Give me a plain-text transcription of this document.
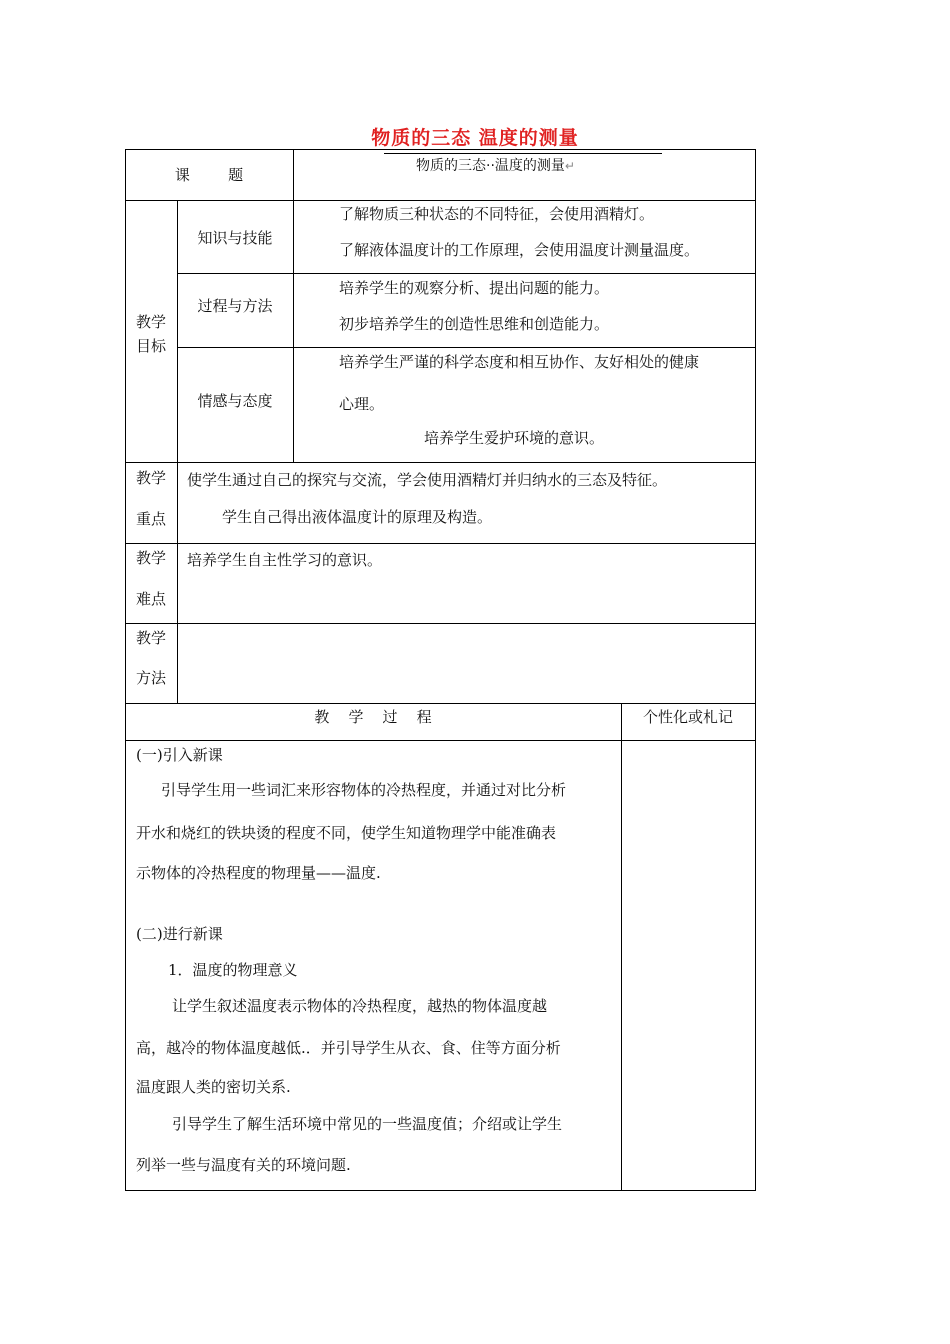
物质的三态 温度的测量
课        题	物质的三态··温度的测量↵
教学
目标
知识与技能
了解物质三种状态的不同特征，会使用酒精灯。
了解液体温度计的工作原理，会使用温度计测量温度。
过程与方法
培养学生的观察分析、提出问题的能力。
初步培养学生的创造性思维和创造能力。
情感与态度
培养学生严谨的科学态度和相互协作、友好相处的健康
心理。
培养学生爱护环境的意识。
教学
重点
使学生通过自己的探究与交流，学会使用酒精灯并归纳水的三态及特征。
学生自己得出液体温度计的原理及构造。
教学
难点
培养学生自主性学习的意识。
教学
方法
教    学    过    程	个性化或札记
(一)引入新课
引导学生用一些词汇来形容物体的冷热程度，并通过对比分析
开水和烧红的铁块烫的程度不同，使学生知道物理学中能准确表
示物体的冷热程度的物理量——温度.
(二)进行新课
1．温度的物理意义
让学生叙述温度表示物体的冷热程度，越热的物体温度越
高，越冷的物体温度越低.．并引导学生从衣、食、住等方面分析
温度跟人类的密切关系.
引导学生了解生活环境中常见的一些温度值；介绍或让学生
列举一些与温度有关的环境问题.
